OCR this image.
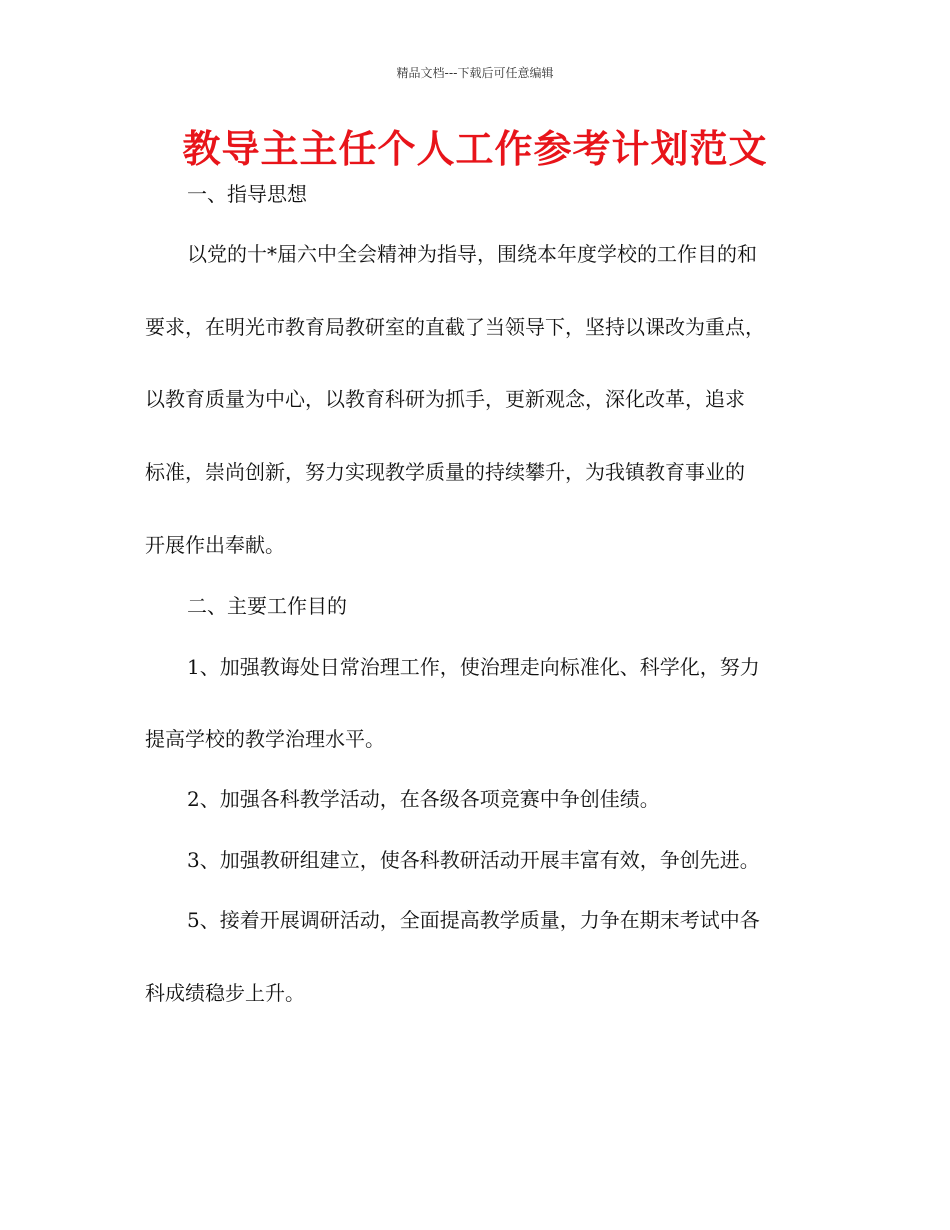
精品文档---下载后可任意编辑
教导主主任个人工作参考计划范文

一、指导思想

以党的十*届六中全会精神为指导，围绕本年度学校的工作目的和

要求，在明光市教育局教研室的直截了当领导下，坚持以课改为重点，

以教育质量为中心，以教育科研为抓手，更新观念，深化改革，追求

标准，崇尚创新，努力实现教学质量的持续攀升，为我镇教育事业的

开展作出奉献。

二、主要工作目的

1、加强教诲处日常治理工作，使治理走向标准化、科学化，努力

提高学校的教学治理水平。

2、加强各科教学活动，在各级各项竞赛中争创佳绩。

3、加强教研组建立，使各科教研活动开展丰富有效，争创先进。

5、接着开展调研活动，全面提高教学质量，力争在期末考试中各

科成绩稳步上升。
